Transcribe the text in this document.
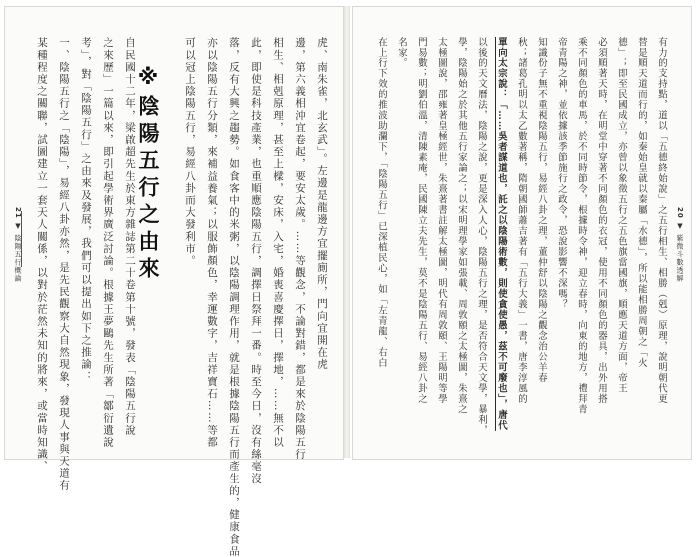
21 ▼ 陰陽五行概論	虎、南朱雀，北玄武」。左邊是龍邊方宜擺廁所，門向宜開在虎
邊，第六義相沖宜卷起，要安太歲。……等觀念，不論對錯，都是來於陰陽五行
相生、相剋原理，甚至上樑，安床，入宅，婚喪喜慶擇日，擇地，……無不以
此，即使是科技產業，也重順應陰陽五行，調擇日祭拜一番。時至今日，沒有絲毫沒
落，反有大興之趨勢。如食客中的米粥，以陰陽調理作用，就是根據陰陽五行而產生的，健康食品
亦以陰陽五行分類，來補益養氣；以服飾顏色，幸運數字，吉祥寶石……等都
可以冠上陰陽五行，易經八卦而大發利市。
※陰陽五行之由來
自民國十二年，梁啟超先生於東方雜誌第二十卷第十號，發表「陰陽五行說
之來歷」一篇以來，即引起學術界廣泛討論。根據王夢鷗先生所著「鄒衍遺說
考」，對「陰陽五行」之由來及發展，我們可以提出如下之推論：
一、陰陽五行之「陰陽」，易經八卦亦然，是先民觀察大自然現象，發現人事與天道有
某種程度之關聯，試圖建立一套天人關係，以對於茫然未知的將來，或當時知識、	20 ▼ 紫微斗數透解
有力的支持點，道以「五德終始說」之五行相生、相勝（剋）原理，說明朝代更
替是順天道而行的，如秦始皇就以秦屬「水德」，所以能相勝周朝之「火
德」；即至民國成立，亦曾以象徵五行之五色旗當國旗，順應天道方面，帝王
必須順著天時，在明堂中穿著不同顏色的衣冠，使用不同顏色的器具，出外用搭
乘不同顏色的車馬，於不同時節令，根據時令神，迎立春時，向東的地方，禮拜青
帝青陽之神，並依據該季節施行之政令，恐說影響不深嗎？
知識份子無不重視陰陽五行，易經八卦之理，董仲舒以陰陽之觀念治公羊春
秋；諸葛孔明以太乙數著稱，隋朝國師蕭吉著有「五行大義」一書，唐李淳風的
單向太宗說：「……吳者謀道也，託之以陰陽術數，則使貪使愚，茲不可廢也」，唐代
以後的天文曆法，陰陽之說，更是深入人心，陰陽五行之理，是否符合天文學，暴利，
學，陰陽始之於其他五行家論之；以宋明理學家如張載、周敦頤之太極圖，朱熹之
太極圖說，邵雍著皇極經世，朱熹著書註解太極圖，明代有周敦頤、王陽明等學
門易數；明劉伯溫，清陳素庵，民國陳立夫先生，莫不是陰陽五行、易經八卦之
名家。
在上行下效的推波助瀾下，「陰陽五行」已深植民心，如「左青龍、右白
